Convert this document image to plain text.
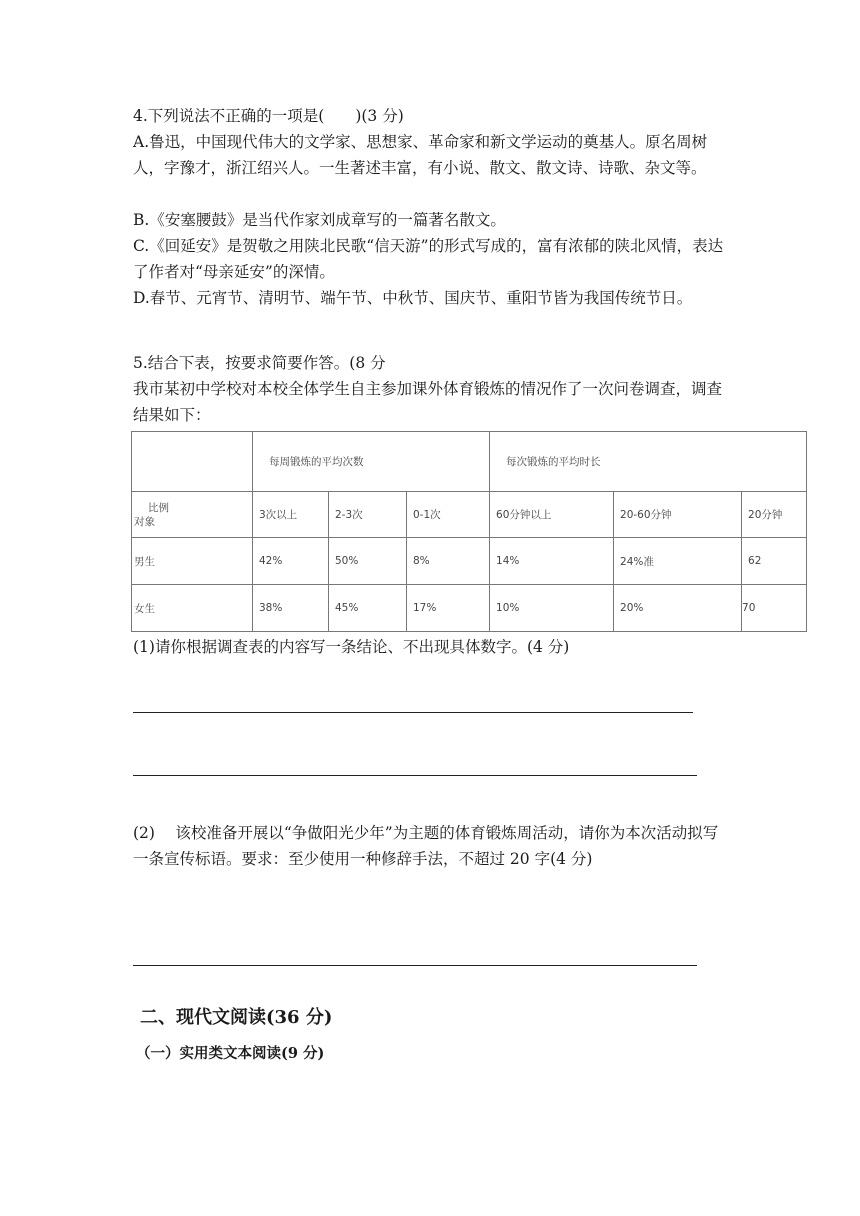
4.下列说法不正确的一项是(　　)(3 分)
A.鲁迅，中国现代伟大的文学家、思想家、革命家和新文学运动的奠基人。原名周树人，字豫才，浙江绍兴人。一生著述丰富，有小说、散文、散文诗、诗歌、杂文等。
B.《安塞腰鼓》是当代作家刘成章写的一篇著名散文。
C.《回延安》是贺敬之用陕北民歌“信天游”的形式写成的，富有浓郁的陕北风情，表达了作者对“母亲延安”的深情。
D.春节、元宵节、清明节、端午节、中秋节、国庆节、重阳节皆为我国传统节日。
5.结合下表，按要求简要作答。(8 分
我市某初中学校对本校全体学生自主参加课外体育锻炼的情况作了一次问卷调查，调查结果如下：
	每周锻炼的平均次数			每次锻炼的平均时长		

比例
对象	3次以上	2-3次	0-1次	60分钟以上	20-60分钟	20分钟
男生	42%	50%	8%	14%	24%准	62
女生	38%	45%	17%	10%	20%	70
(1)请你根据调查表的内容写一条结论、不出现具体数字。(4 分)
(2)　 该校准备开展以“争做阳光少年”为主题的体育锻炼周活动，请你为本次活动拟写一条宣传标语。要求：至少使用一种修辞手法，不超过 20 字(4 分)
二、现代文阅读(36 分)
（一）实用类文本阅读(9 分)
